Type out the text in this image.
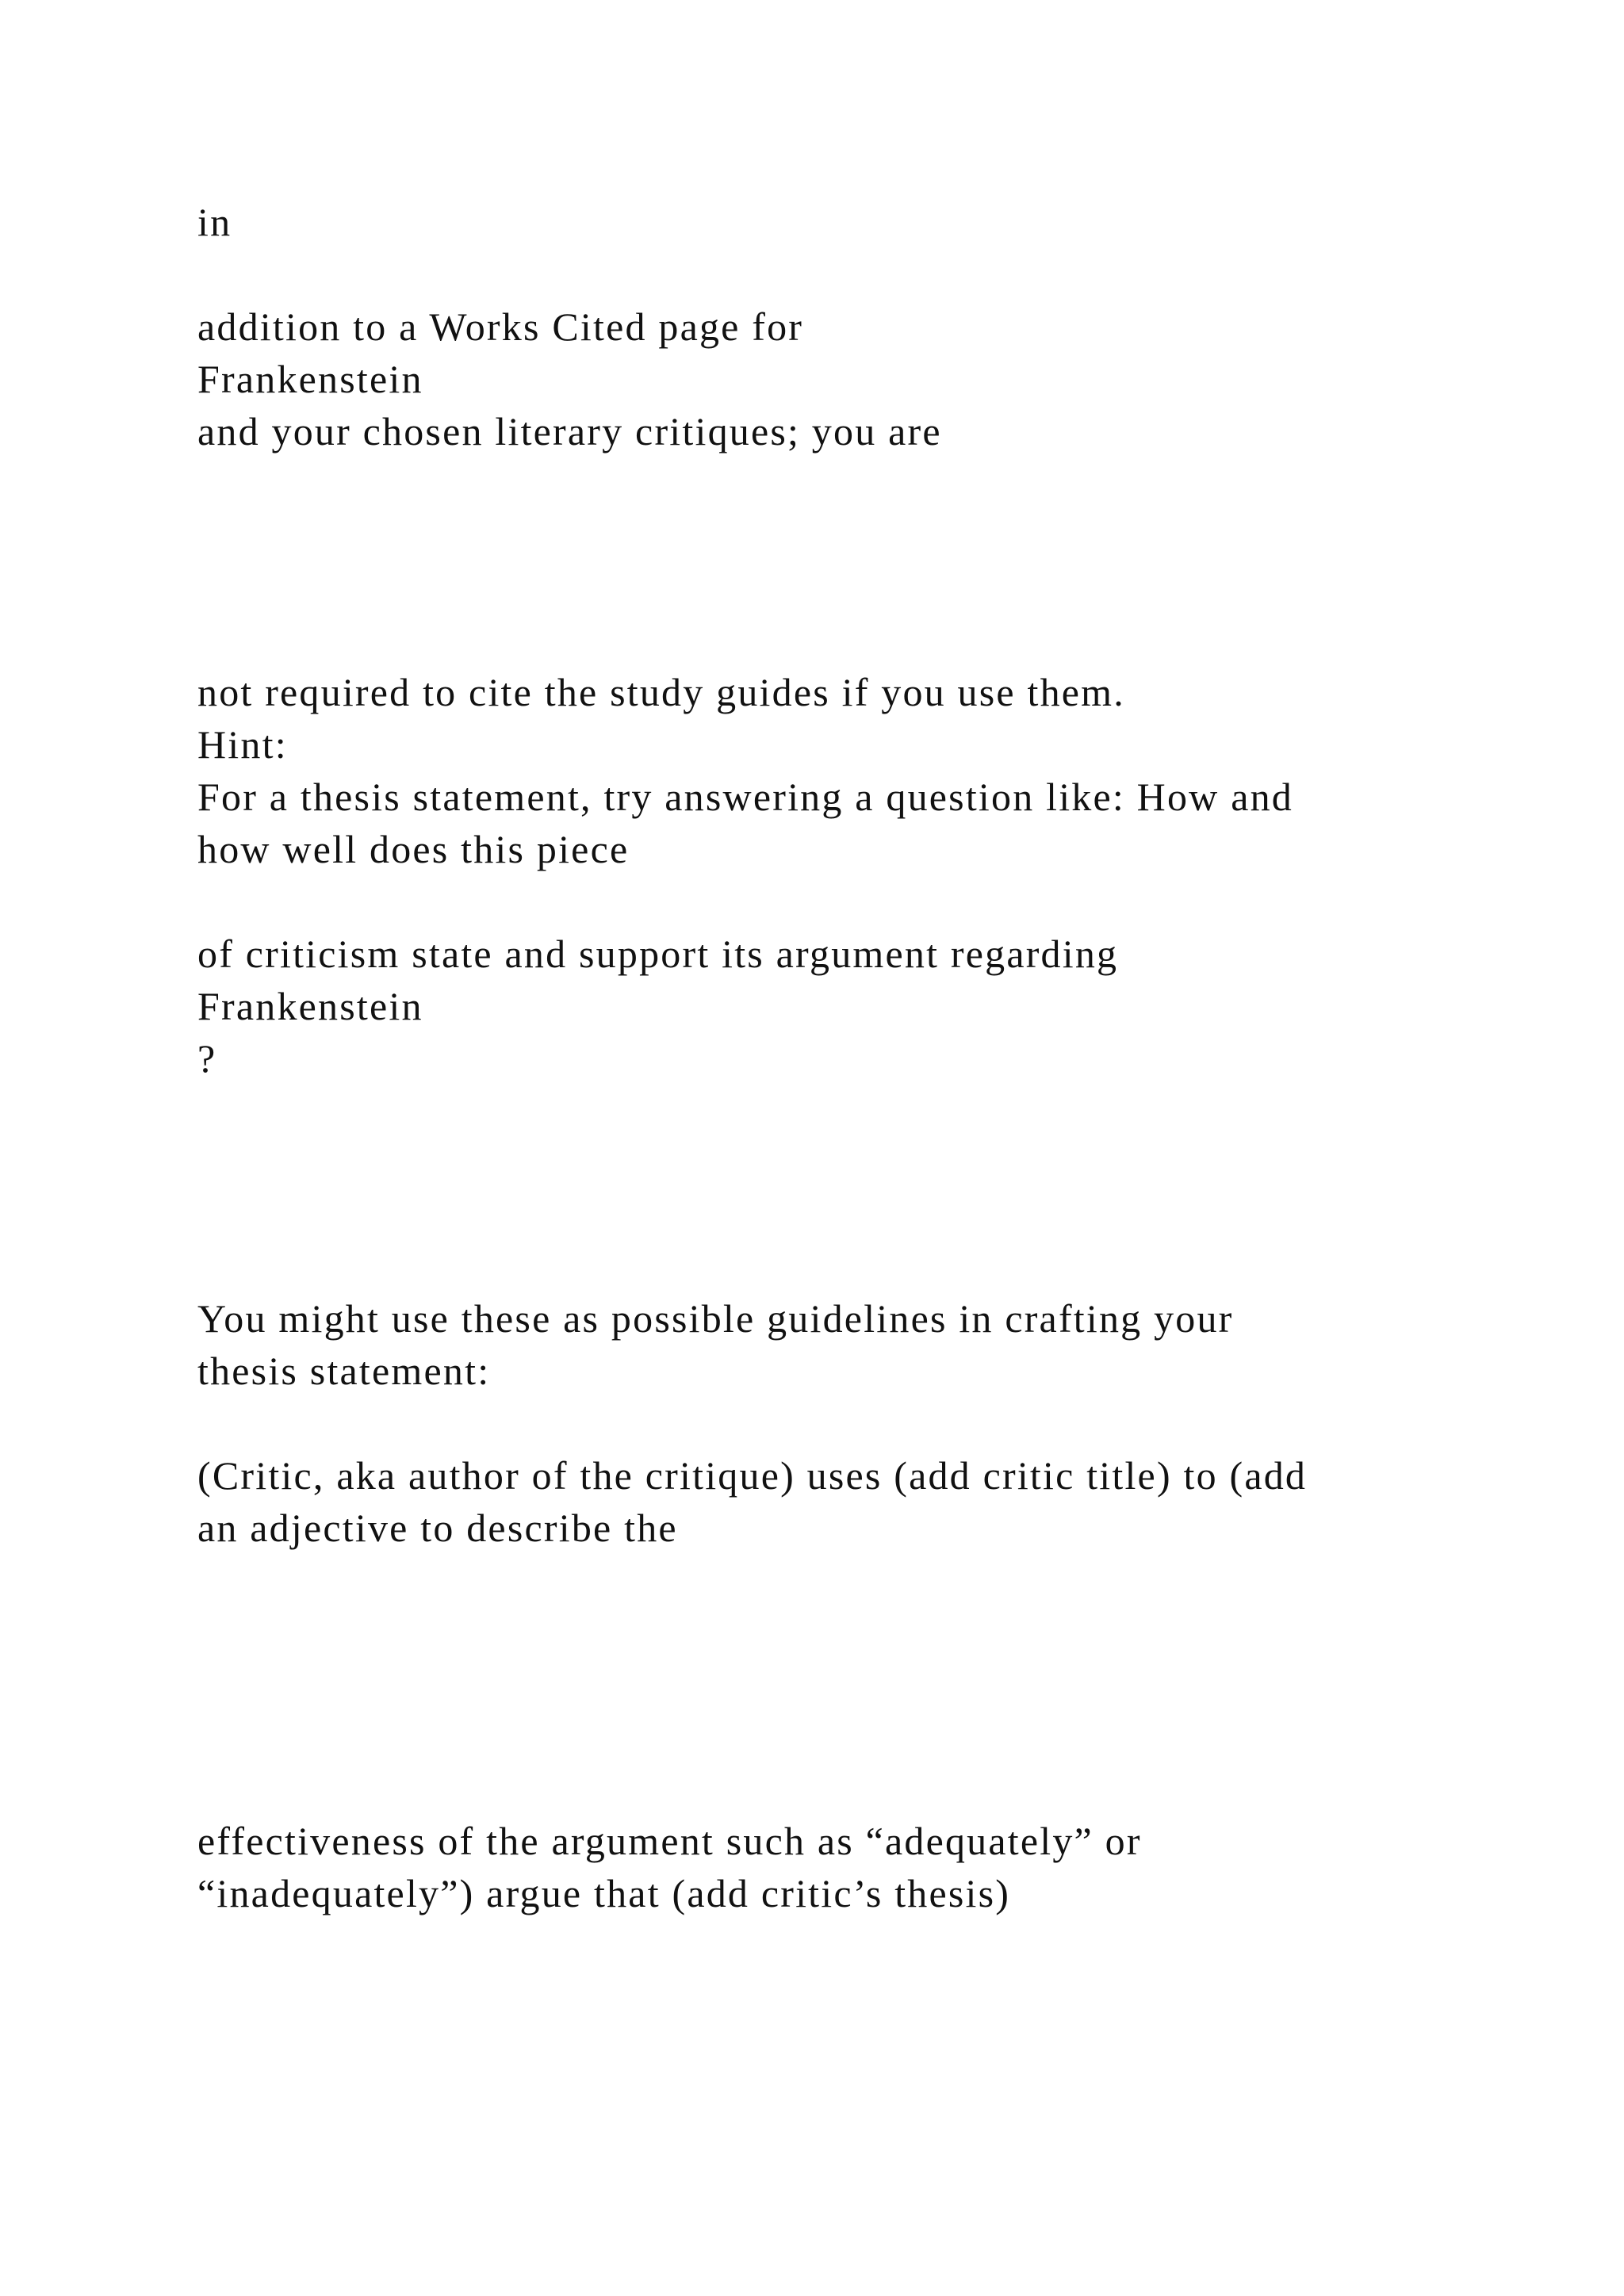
in

addition to a Works Cited page for

Frankenstein

and your chosen literary critiques; you are

not required to cite the study guides if you use them.

Hint:

For a thesis statement, try answering a question like: How and

how well does this piece

of criticism state and support its argument regarding

Frankenstein

?

You might use these as possible guidelines in crafting your

thesis statement:

(Critic, aka author of the critique) uses (add critic title) to (add

an adjective to describe the

effectiveness of the argument such as “adequately” or

“inadequately”) argue that (add critic’s thesis)
